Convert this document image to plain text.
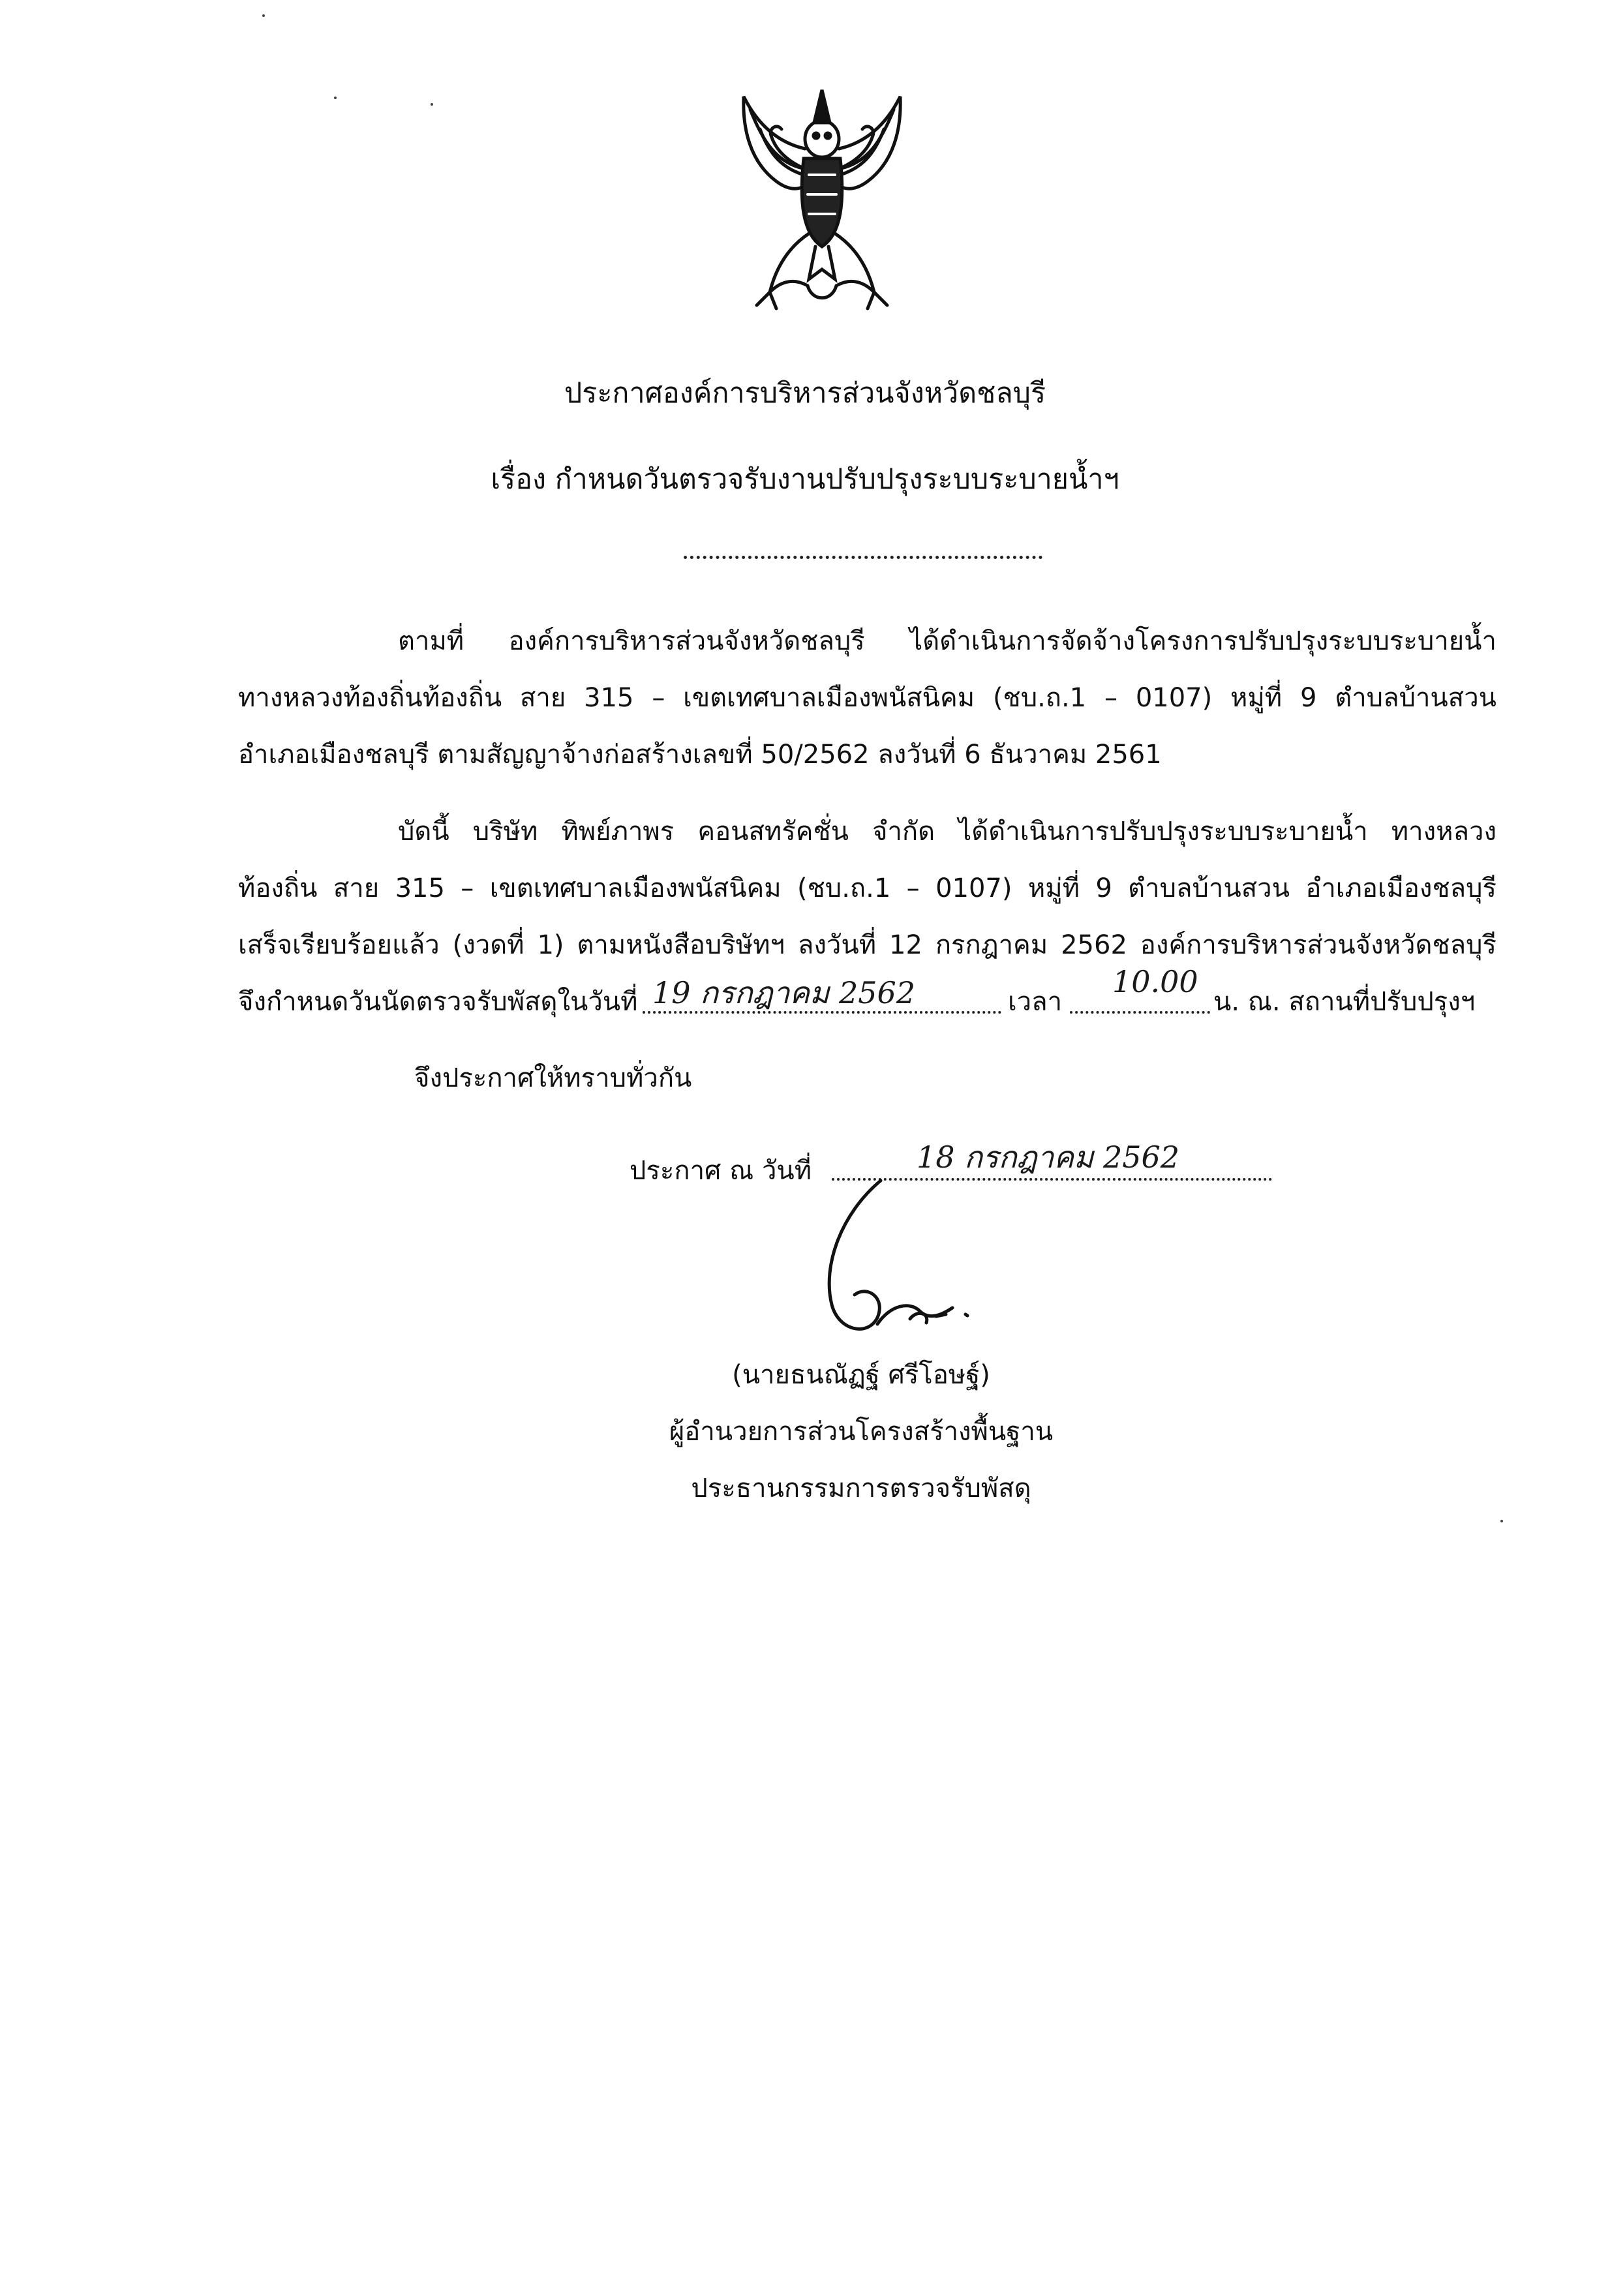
ประกาศองค์การบริหารส่วนจังหวัดชลบุรี
เรื่อง กำหนดวันตรวจรับงานปรับปรุงระบบระบายน้ำฯ
ตามที่ องค์การบริหารส่วนจังหวัดชลบุรี ได้ดำเนินการจัดจ้างโครงการปรับปรุงระบบระบายน้ำ
ทางหลวงท้องถิ่นท้องถิ่น สาย 315 – เขตเทศบาลเมืองพนัสนิคม (ชบ.ถ.1 – 0107) หมู่ที่ 9 ตำบลบ้านสวน
อำเภอเมืองชลบุรี ตามสัญญาจ้างก่อสร้างเลขที่ 50/2562 ลงวันที่ 6 ธันวาคม 2561
บัดนี้ บริษัท ทิพย์ภาพร คอนสทรัคชั่น จำกัด ได้ดำเนินการปรับปรุงระบบระบายน้ำ ทางหลวง
ท้องถิ่น สาย 315 – เขตเทศบาลเมืองพนัสนิคม (ชบ.ถ.1 – 0107) หมู่ที่ 9 ตำบลบ้านสวน อำเภอเมืองชลบุรี
เสร็จเรียบร้อยแล้ว (งวดที่ 1) ตามหนังสือบริษัทฯ ลงวันที่ 12 กรกฎาคม 2562 องค์การบริหารส่วนจังหวัดชลบุรี
จึงกำหนดวันนัดตรวจรับพัสดุในวันที่ 19 กรกฎาคม 2562	เวลา
10.00
น. ณ. สถานที่ปรับปรุงฯ
จึงประกาศให้ทราบทั่วกัน
ประกาศ ณ วันที่	18 กรกฎาคม 2562
(นายธนณัฏฐ์ ศรีโอษฐ์)
ผู้อำนวยการส่วนโครงสร้างพื้นฐาน
ประธานกรรมการตรวจรับพัสดุ
